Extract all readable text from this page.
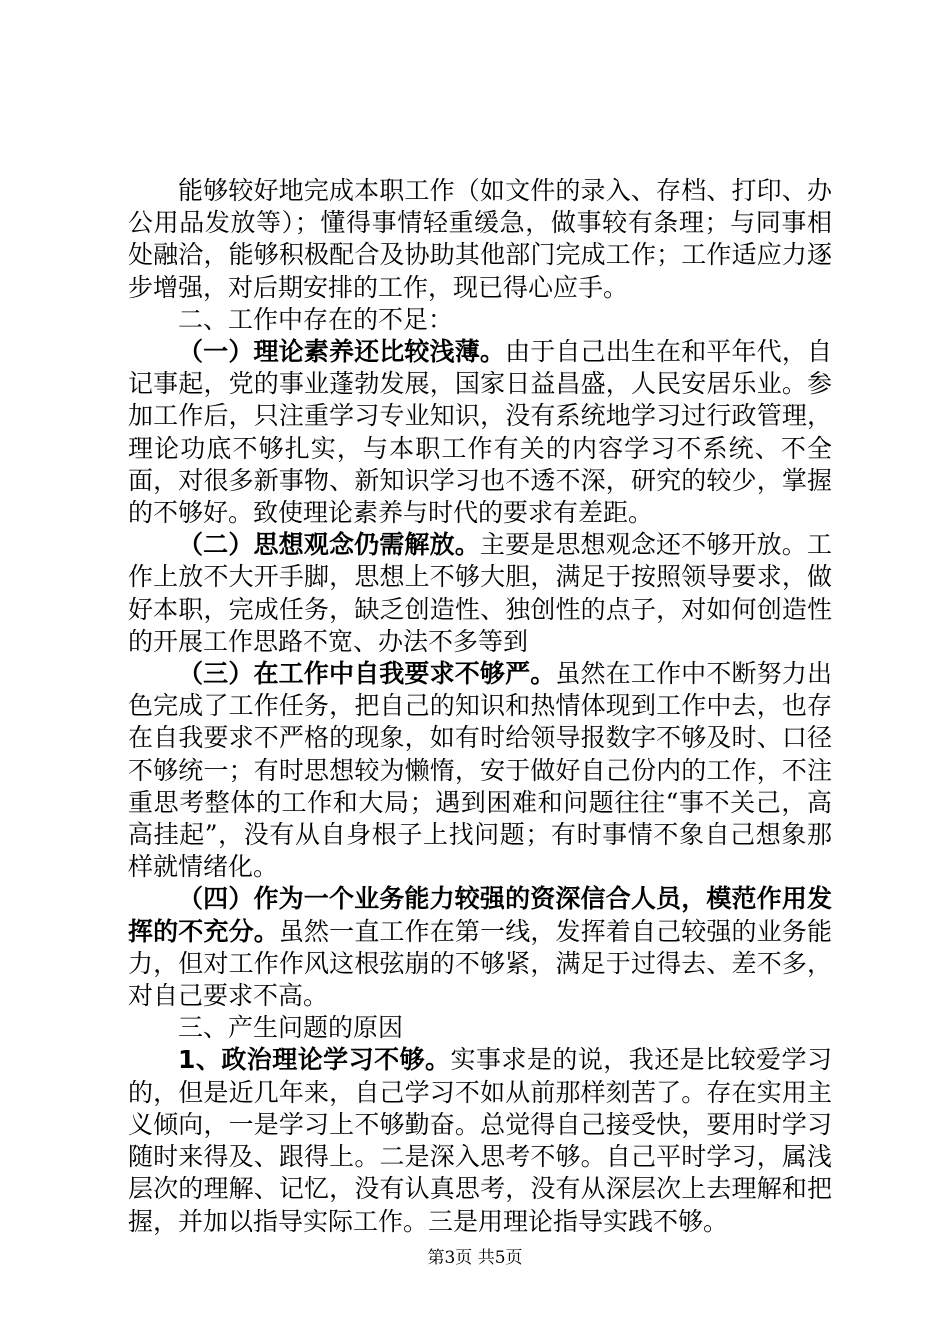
能够较好地完成本职工作（如文件的录入、存档、打印、办公用品发放等）；懂得事情轻重缓急，做事较有条理；与同事相处融洽，能够积极配合及协助其他部门完成工作；工作适应力逐步增强，对后期安排的工作，现已得心应手。

二、工作中存在的不足：

（一）理论素养还比较浅薄。由于自己出生在和平年代，自记事起，党的事业蓬勃发展，国家日益昌盛，人民安居乐业。参加工作后，只注重学习专业知识，没有系统地学习过行政管理，理论功底不够扎实，与本职工作有关的内容学习不系统、不全面，对很多新事物、新知识学习也不透不深，研究的较少，掌握的不够好。致使理论素养与时代的要求有差距。

（二）思想观念仍需解放。主要是思想观念还不够开放。工作上放不大开手脚，思想上不够大胆，满足于按照领导要求，做好本职，完成任务，缺乏创造性、独创性的点子，对如何创造性的开展工作思路不宽、办法不多等到

（三）在工作中自我要求不够严。虽然在工作中不断努力出色完成了工作任务，把自己的知识和热情体现到工作中去，也存在自我要求不严格的现象，如有时给领导报数字不够及时、口径不够统一；有时思想较为懒惰，安于做好自己份内的工作，不注重思考整体的工作和大局；遇到困难和问题往往“事不关己，高高挂起”，没有从自身根子上找问题；有时事情不象自己想象那样就情绪化。

（四）作为一个业务能力较强的资深信合人员，模范作用发挥的不充分。虽然一直工作在第一线，发挥着自己较强的业务能力，但对工作作风这根弦崩的不够紧，满足于过得去、差不多，对自己要求不高。

三、产生问题的原因

1、政治理论学习不够。实事求是的说，我还是比较爱学习的，但是近几年来，自己学习不如从前那样刻苦了。存在实用主义倾向，一是学习上不够勤奋。总觉得自己接受快，要用时学习随时来得及、跟得上。二是深入思考不够。自己平时学习，属浅层次的理解、记忆，没有认真思考，没有从深层次上去理解和把握，并加以指导实际工作。三是用理论指导实践不够。

第3页 共5页
